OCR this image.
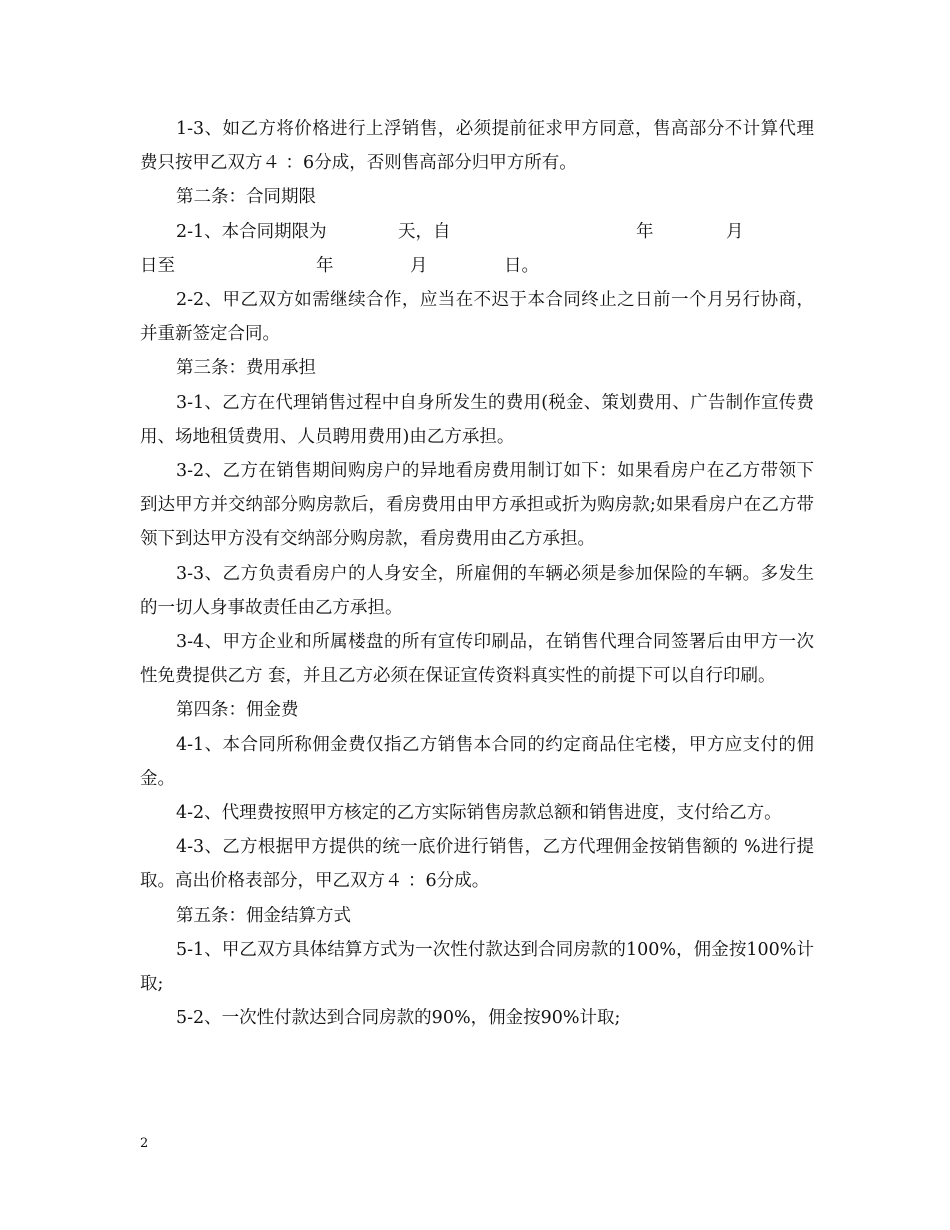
1-3、如乙方将价格进行上浮销售，必须提前征求甲方同意，售高部分不计算代理费只按甲乙双方４ ：6分成，否则售高部分归甲方所有。

第二条：合同期限

2-1、本合同期限为	天，自	年	月
日至	年	月	日。

2-2、甲乙双方如需继续合作，应当在不迟于本合同终止之日前一个月另行协商，并重新签定合同。

第三条：费用承担

3-1、乙方在代理销售过程中自身所发生的费用(税金、策划费用、广告制作宣传费用、场地租赁费用、人员聘用费用)由乙方承担。

3-2、乙方在销售期间购房户的异地看房费用制订如下：如果看房户在乙方带领下到达甲方并交纳部分购房款后，看房费用由甲方承担或折为购房款;如果看房户在乙方带领下到达甲方没有交纳部分购房款，看房费用由乙方承担。

3-3、乙方负责看房户的人身安全，所雇佣的车辆必须是参加保险的车辆。多发生的一切人身事故责任由乙方承担。

3-4、甲方企业和所属楼盘的所有宣传印刷品，在销售代理合同签署后由甲方一次性免费提供乙方 套，并且乙方必须在保证宣传资料真实性的前提下可以自行印刷。

第四条：佣金费

4-1、本合同所称佣金费仅指乙方销售本合同的约定商品住宅楼，甲方应支付的佣金。

4-2、代理费按照甲方核定的乙方实际销售房款总额和销售进度，支付给乙方。

4-3、乙方根据甲方提供的统一底价进行销售，乙方代理佣金按销售额的 %进行提取。高出价格表部分，甲乙双方４ ：6分成。

第五条：佣金结算方式

5-1、甲乙双方具体结算方式为一次性付款达到合同房款的100%，佣金按100%计取;

5-2、一次性付款达到合同房款的90%，佣金按90%计取;

2
